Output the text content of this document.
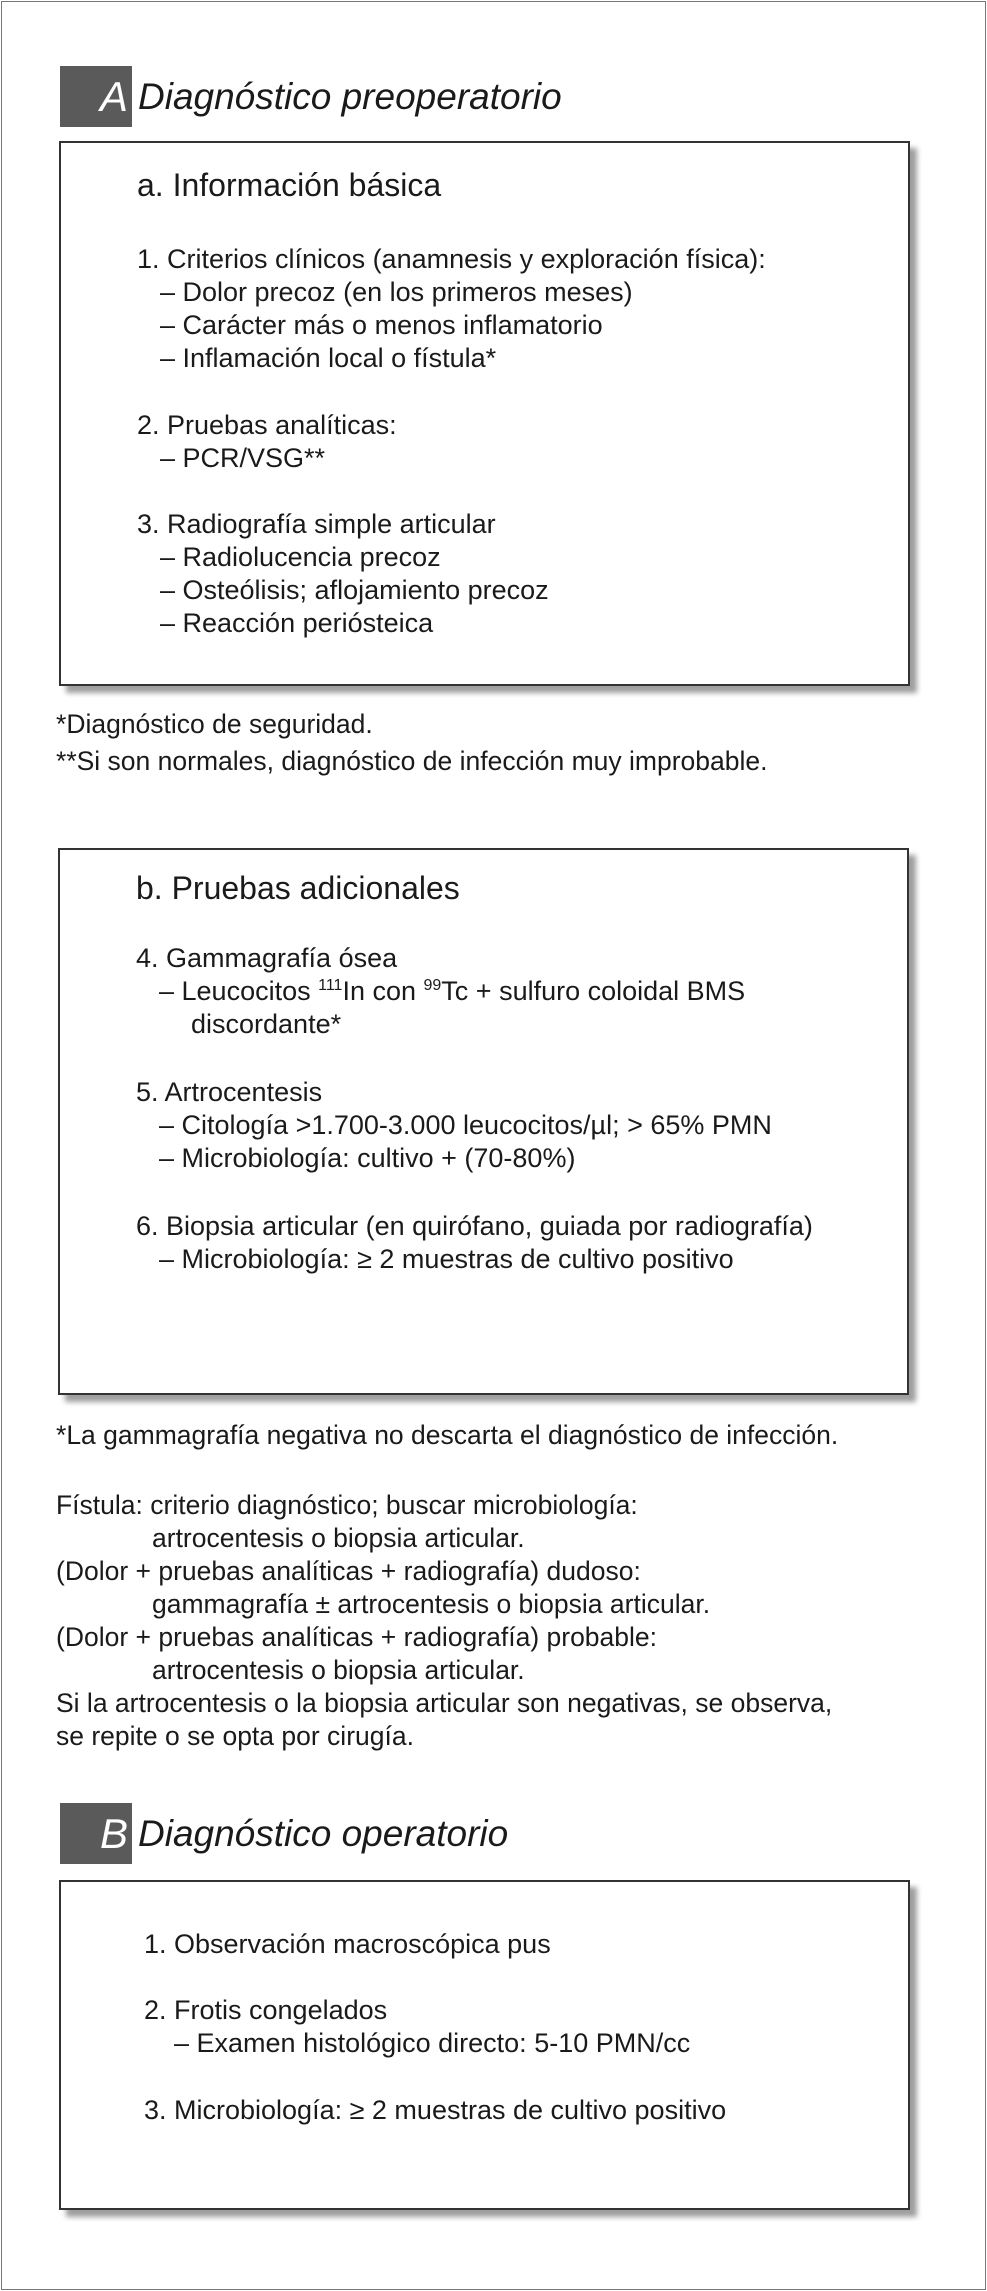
A Diagnóstico preoperatorio
a. Información básica
1. Criterios clínicos (anamnesis y exploración física):
– Dolor precoz (en los primeros meses)
– Carácter más o menos inflamatorio
– Inflamación local o fístula*
2. Pruebas analíticas:
– PCR/VSG**
3. Radiografía simple articular
– Radiolucencia precoz
– Osteólisis; aflojamiento precoz
– Reacción periósteica
*Diagnóstico de seguridad.
**Si son normales, diagnóstico de infección muy improbable.
b. Pruebas adicionales
4. Gammagrafía ósea
– Leucocitos $^{111}$In con $^{99}$Tc + sulfuro coloidal BMS
discordante*
5. Artrocentesis
– Citología >1.700-3.000 leucocitos/µl; > 65% PMN
– Microbiología: cultivo + (70-80%)
6. Biopsia articular (en quirófano, guiada por radiografía)
– Microbiología: ≥ 2 muestras de cultivo positivo
*La gammagrafía negativa no descarta el diagnóstico de infección.
Fístula: criterio diagnóstico; buscar microbiología:
artrocentesis o biopsia articular.
(Dolor + pruebas analíticas + radiografía) dudoso:
gammagrafía ± artrocentesis o biopsia articular.
(Dolor + pruebas analíticas + radiografía) probable:
artrocentesis o biopsia articular.
Si la artrocentesis o la biopsia articular son negativas, se observa,
se repite o se opta por cirugía.
B Diagnóstico operatorio
1. Observación macroscópica pus
2. Frotis congelados
– Examen histológico directo: 5-10 PMN/cc
3. Microbiología: ≥ 2 muestras de cultivo positivo
